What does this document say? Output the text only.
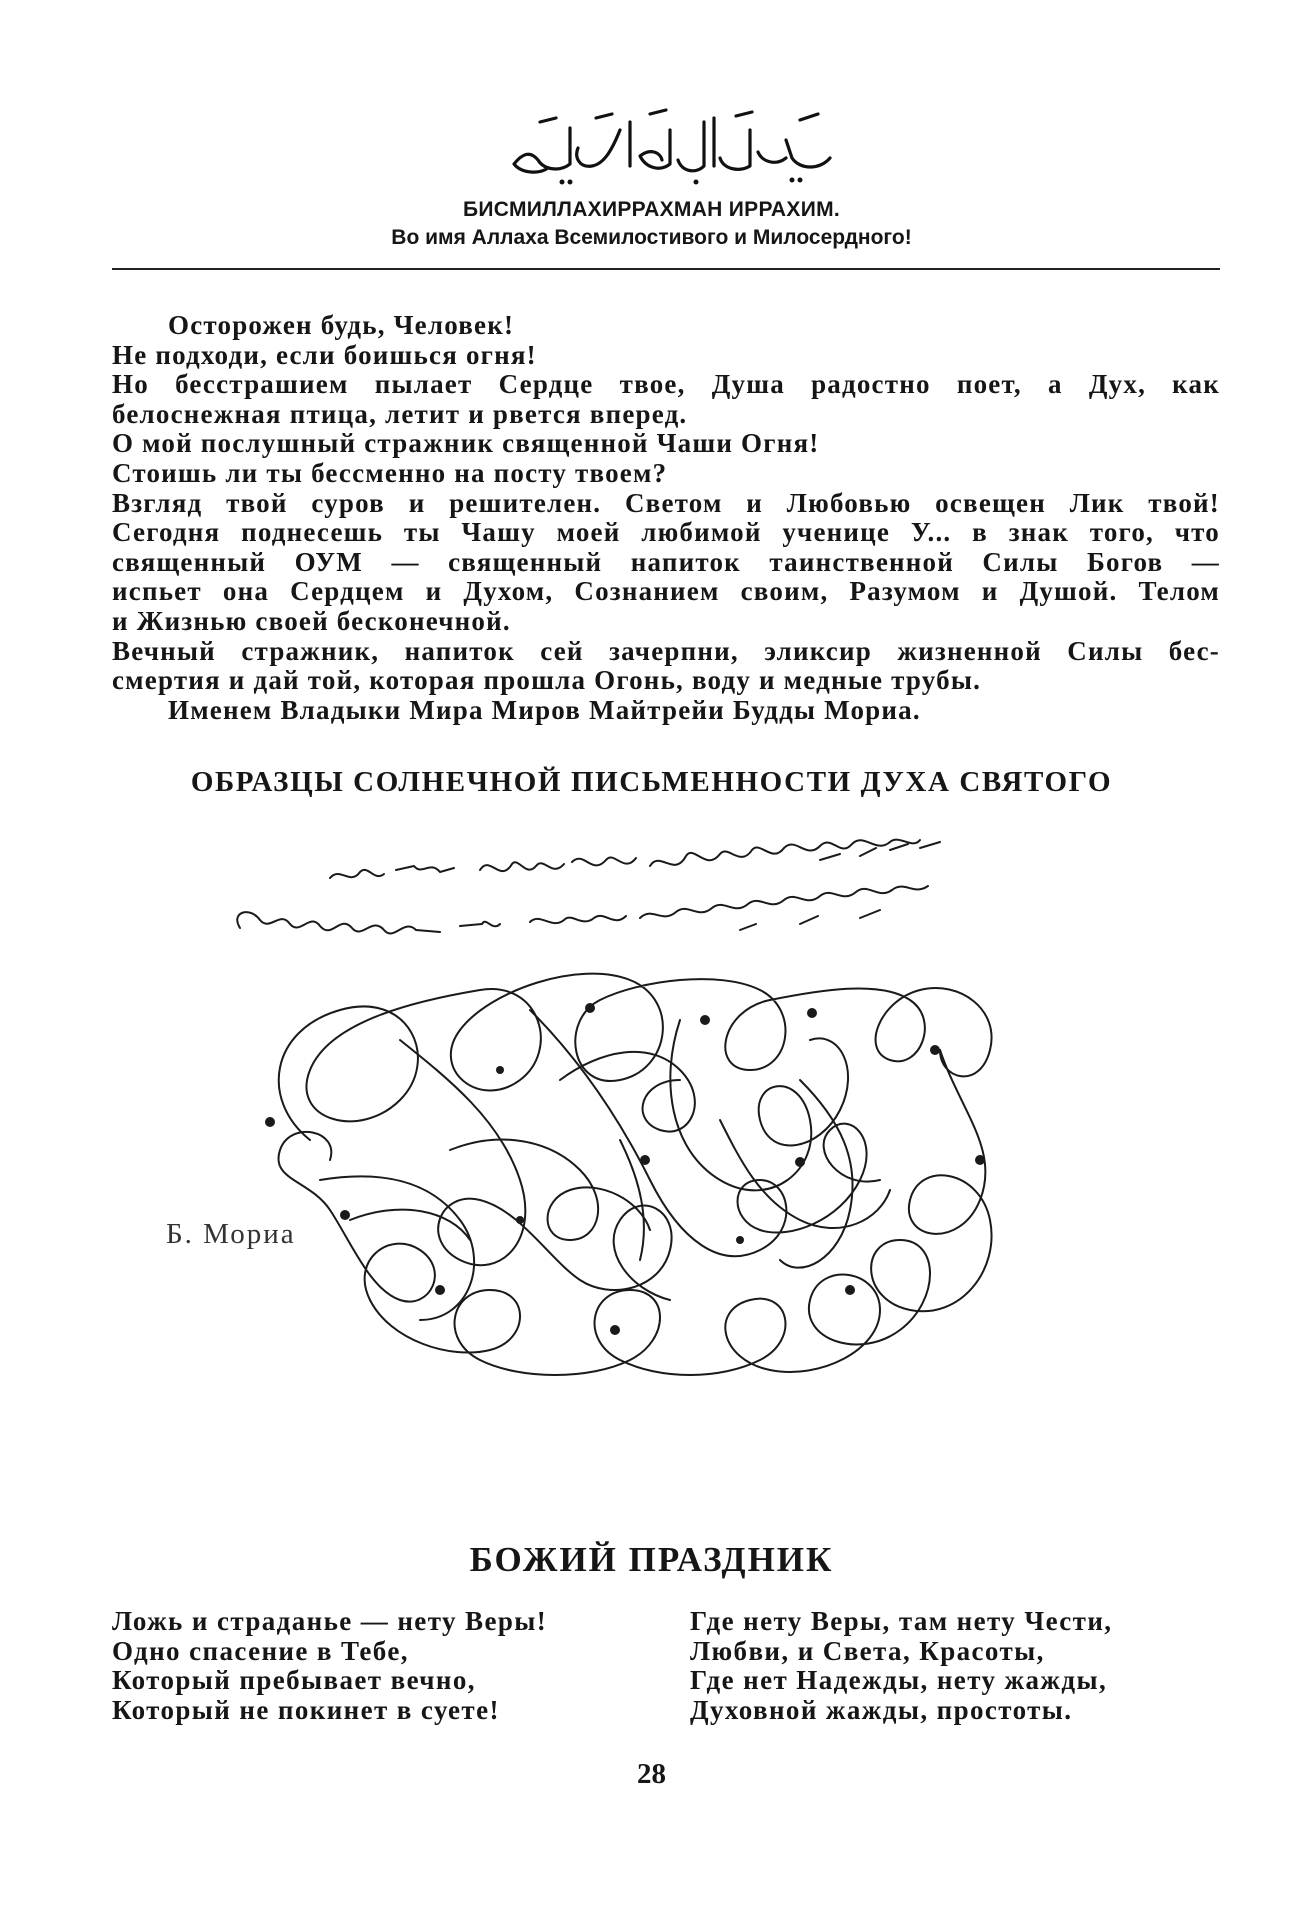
БИСМИЛЛАХИРРАХМАН ИРРАХИМ.
Во имя Аллаха Всемилостивого и Милосердного!

Осторожен будь, Человек!

Не подходи, если боишься огня!

Но бесстрашием пылает Сердце твое, Душа радостно поет, а Дух, как

белоснежная птица, летит и рвется вперед.

О мой послушный стражник священной Чаши Огня!

Стоишь ли ты бессменно на посту твоем?

Взгляд твой суров и решителен. Светом и Любовью освещен Лик твой!

Сегодня поднесешь ты Чашу моей любимой ученице У... в знак того, что

священный ОУМ — священный напиток таинственной Силы Богов —

испьет она Сердцем и Духом, Сознанием своим, Разумом и Душой. Телом

и Жизнью своей бесконечной.

Вечный стражник, напиток сей зачерпни, эликсир жизненной Силы бес-

смертия и дай той, которая прошла Огонь, воду и медные трубы.

Именем Владыки Мира Миров Майтрейи Будды Мориа.

ОБРАЗЦЫ СОЛНЕЧНОЙ ПИСЬМЕННОСТИ ДУХА СВЯТОГО
Б. Мориа
БОЖИЙ ПРАЗДНИК
Ложь и страданье — нету Веры!
Одно спасение в Тебе,
Который пребывает вечно,
Который не покинет в суете!
Где нету Веры, там нету Чести,
Любви, и Света, Красоты,
Где нет Надежды, нету жажды,
Духовной жажды, простоты.
28
